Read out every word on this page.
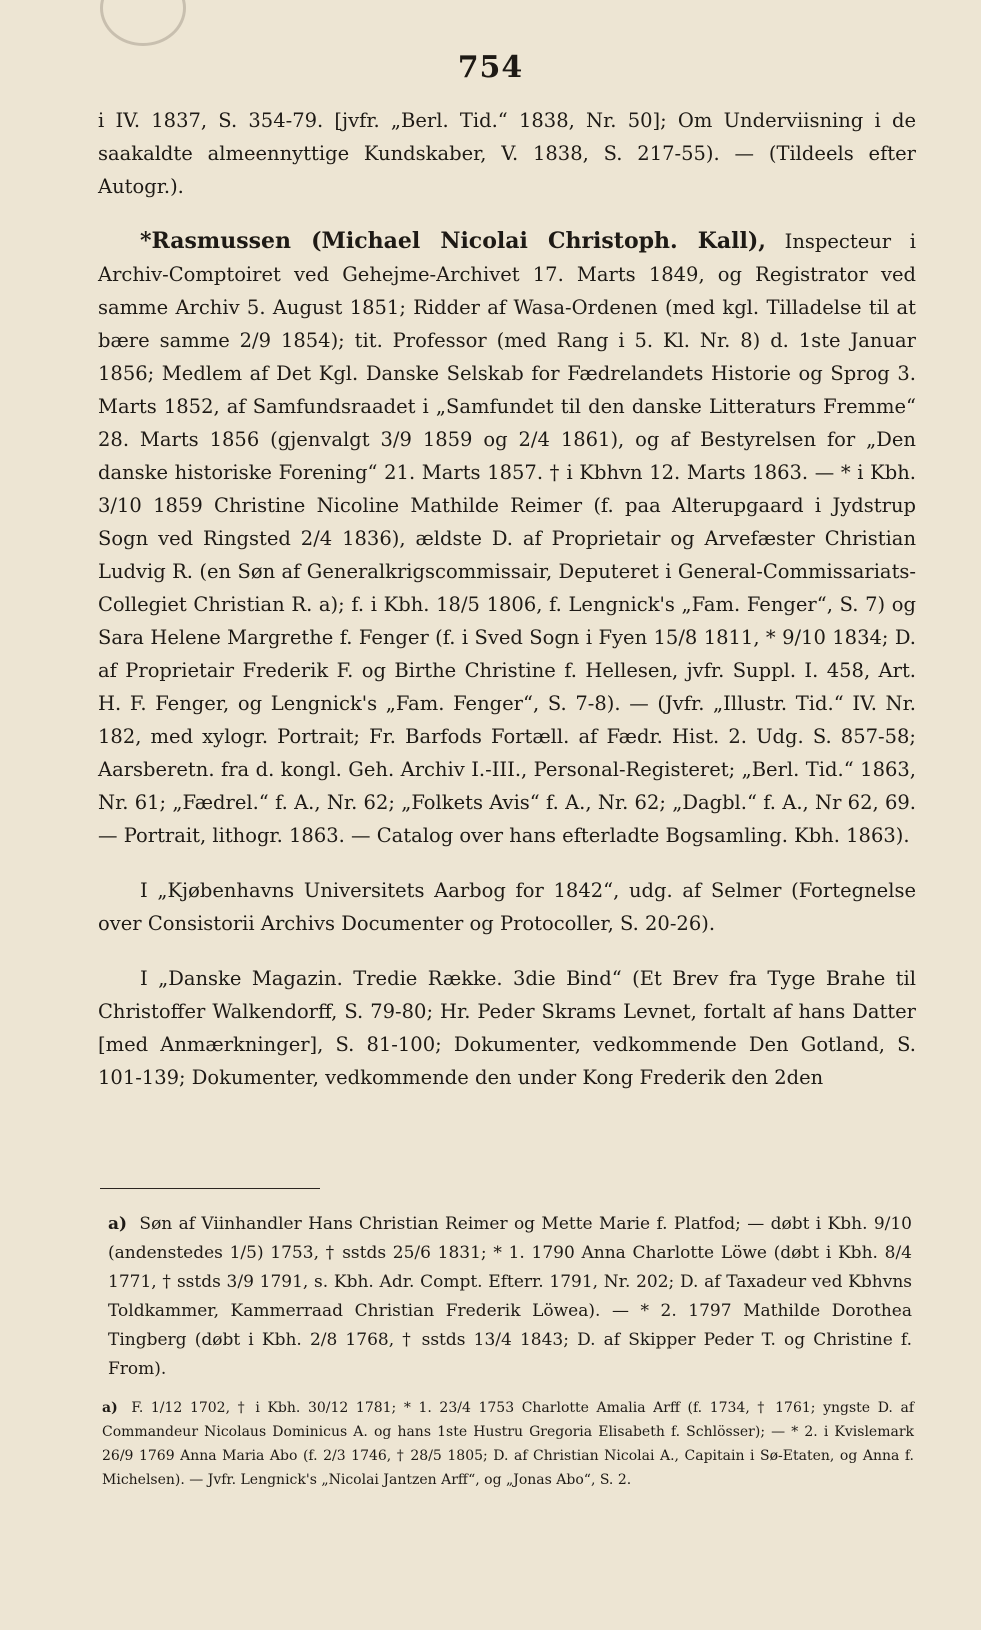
754

i IV. 1837, S. 354-79. [jvfr. „Berl. Tid.“ 1838, Nr. 50]; Om Underviisning i de saakaldte almeennyttige Kundskaber, V. 1838, S. 217-55). — (Tildeels efter Autogr.).

*Rasmussen (Michael Nicolai Christoph. Kall), Inspecteur i Archiv-Comptoiret ved Gehejme-Archivet 17. Marts 1849, og Registrator ved samme Archiv 5. August 1851; Ridder af Wasa-Ordenen (med kgl. Tilladelse til at bære samme 2/9 1854); tit. Professor (med Rang i 5. Kl. Nr. 8) d. 1ste Januar 1856; Medlem af Det Kgl. Danske Selskab for Fædrelandets Historie og Sprog 3. Marts 1852, af Samfundsraadet i „Samfundet til den danske Litteraturs Fremme“ 28. Marts 1856 (gjenvalgt 3/9 1859 og 2/4 1861), og af Bestyrelsen for „Den danske historiske Forening“ 21. Marts 1857. † i Kbhvn 12. Marts 1863. — * i Kbh. 3/10 1859 Christine Nicoline Mathilde Reimer (f. paa Alterupgaard i Jydstrup Sogn ved Ringsted 2/4 1836), ældste D. af Proprietair og Arvefæster Christian Ludvig R. (en Søn af Generalkrigscommissair, Deputeret i General-Commissariats-Collegiet Christian R. a); f. i Kbh. 18/5 1806, f. Lengnick's „Fam. Fenger“, S. 7) og Sara Helene Margrethe f. Fenger (f. i Sved Sogn i Fyen 15/8 1811, * 9/10 1834; D. af Proprietair Frederik F. og Birthe Christine f. Hellesen, jvfr. Suppl. I. 458, Art. H. F. Fenger, og Lengnick's „Fam. Fenger“, S. 7-8). — (Jvfr. „Illustr. Tid.“ IV. Nr. 182, med xylogr. Portrait; Fr. Barfods Fortæll. af Fædr. Hist. 2. Udg. S. 857-58; Aarsberetn. fra d. kongl. Geh. Archiv I.-III., Personal-Registeret; „Berl. Tid.“ 1863, Nr. 61; „Fædrel.“ f. A., Nr. 62; „Folkets Avis“ f. A., Nr. 62; „Dagbl.“ f. A., Nr 62, 69. — Portrait, lithogr. 1863. — Catalog over hans efterladte Bogsamling. Kbh. 1863).

I „Kjøbenhavns Universitets Aarbog for 1842“, udg. af Selmer (Fortegnelse over Consistorii Archivs Documenter og Protocoller, S. 20-26).

I „Danske Magazin. Tredie Række. 3die Bind“ (Et Brev fra Tyge Brahe til Christoffer Walkendorff, S. 79-80; Hr. Peder Skrams Levnet, fortalt af hans Datter [med Anmærkninger], S. 81-100; Dokumenter, vedkommende Den Gotland, S. 101-139; Dokumenter, vedkommende den under Kong Frederik den 2den

a) Søn af Viinhandler Hans Christian Reimer og Mette Marie f. Platfod; — døbt i Kbh. 9/10 (andenstedes 1/5) 1753, † sstds 25/6 1831; * 1. 1790 Anna Charlotte Löwe (døbt i Kbh. 8/4 1771, † sstds 3/9 1791, s. Kbh. Adr. Compt. Efterr. 1791, Nr. 202; D. af Taxadeur ved Kbhvns Toldkammer, Kammerraad Christian Frederik Löwea). — * 2. 1797 Mathilde Dorothea Tingberg (døbt i Kbh. 2/8 1768, † sstds 13/4 1843; D. af Skipper Peder T. og Christine f. From).

a) F. 1/12 1702, † i Kbh. 30/12 1781; * 1. 23/4 1753 Charlotte Amalia Arff (f. 1734, † 1761; yngste D. af Commandeur Nicolaus Dominicus A. og hans 1ste Hustru Gregoria Elisabeth f. Schlösser); — * 2. i Kvislemark 26/9 1769 Anna Maria Abo (f. 2/3 1746, † 28/5 1805; D. af Christian Nicolai A., Capitain i Sø-Etaten, og Anna f. Michelsen). — Jvfr. Lengnick's „Nicolai Jantzen Arff“, og „Jonas Abo“, S. 2.
